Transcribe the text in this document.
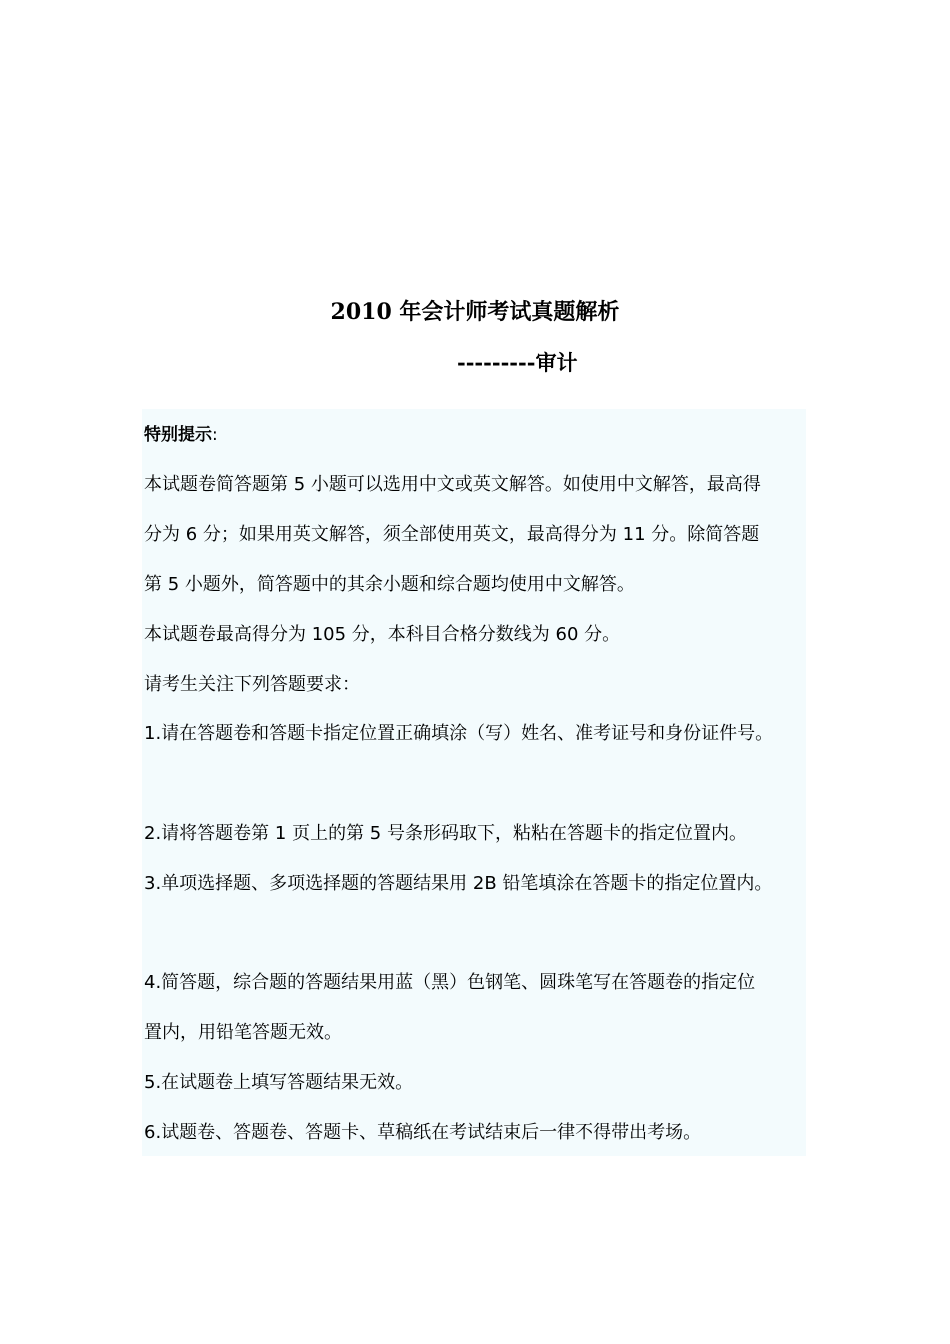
2010 年会计师考试真题解析
---------审计

特别提示:

本试题卷简答题第 5 小题可以选用中文或英文解答。如使用中文解答，最高得

分为 6 分；如果用英文解答，须全部使用英文，最高得分为 11 分。除简答题

第 5 小题外，简答题中的其余小题和综合题均使用中文解答。

本试题卷最高得分为 105 分，本科目合格分数线为 60 分。

请考生关注下列答题要求：

1.请在答题卷和答题卡指定位置正确填涂（写）姓名、准考证号和身份证件号。

2.请将答题卷第 1 页上的第 5 号条形码取下，粘粘在答题卡的指定位置内。

3.单项选择题、多项选择题的答题结果用 2B 铅笔填涂在答题卡的指定位置内。

4.简答题，综合题的答题结果用蓝（黑）色钢笔、圆珠笔写在答题卷的指定位

置内，用铅笔答题无效。

5.在试题卷上填写答题结果无效。

6.试题卷、答题卷、答题卡、草稿纸在考试结束后一律不得带出考场。
